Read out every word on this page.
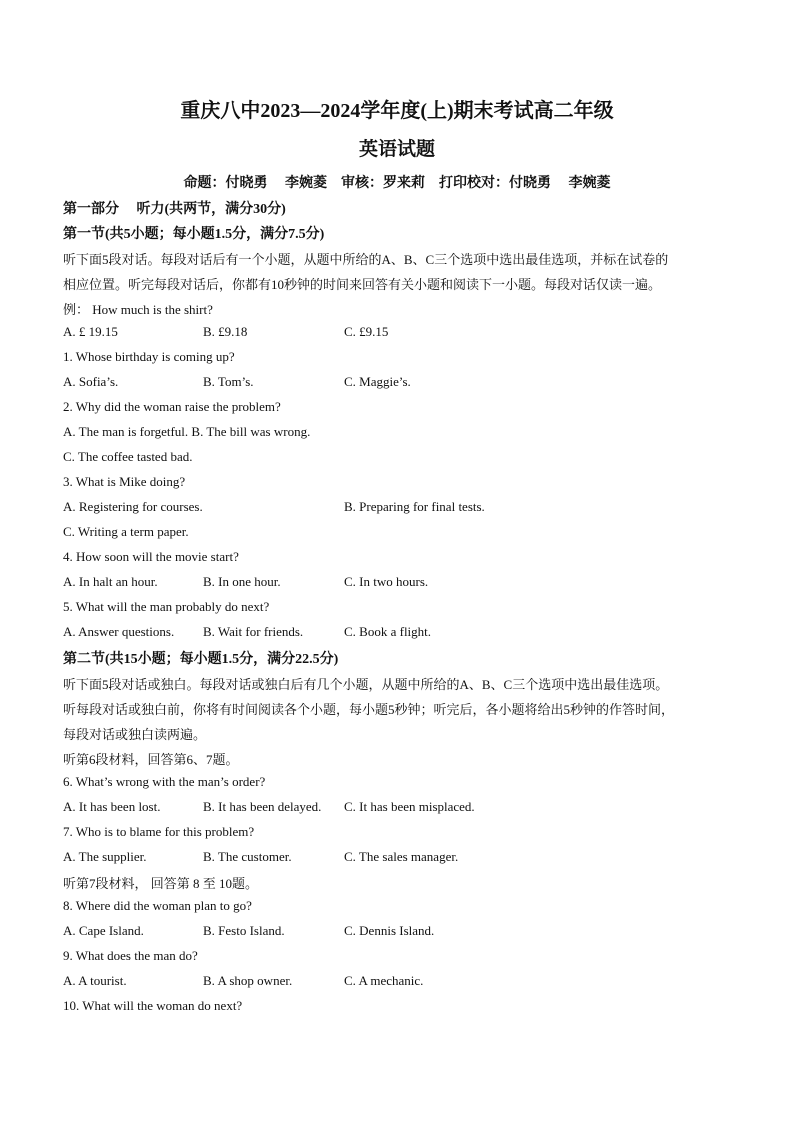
重庆八中2023—2024学年度(上)期末考试高二年级
英语试题
命题：付晓勇　 李婉菱　审核：罗来莉　打印校对：付晓勇　 李婉菱
第一部分　 听力(共两节，满分30分)
第一节(共5小题；每小题1.5分，满分7.5分)
听下面5段对话。每段对话后有一个小题，从题中所给的A、B、C三个选项中选出最佳选项，并标在试卷的
相应位置。听完每段对话后，你都有10秒钟的时间来回答有关小题和阅读下一小题。每段对话仅读一遍。
例： How much is the shirt?
A. £ 19.15	B. £9.18	C. £9.15
1. Whose birthday is coming up?
A. Sofia’s.	B. Tom’s.	C. Maggie’s.
2. Why did the woman raise the problem?
A. The man is forgetful. B. The bill was wrong.
C. The coffee tasted bad.
3. What is Mike doing?
A. Registering for courses.	B. Preparing for final tests.
C. Writing a term paper.
4. How soon will the movie start?
A. In halt an hour.	B. In one hour.	C. In two hours.
5. What will the man probably do next?
A. Answer questions. B. Wait for friends.	C. Book a flight.
第二节(共15小题；每小题1.5分，满分22.5分)
听下面5段对话或独白。每段对话或独白后有几个小题，从题中所给的A、B、C三个选项中选出最佳选项。
听每段对话或独白前，你将有时间阅读各个小题，每小题5秒钟；听完后，各小题将给出5秒钟的作答时间，
每段对话或独白读两遍。
听第6段材料，回答第6、7题。
6. What’s wrong with the man’s order?
A. It has been lost.	B. It has been delayed. C. It has been misplaced.
7. Who is to blame for this problem?
A. The supplier.	B. The customer.	C. The sales manager.
听第7段材料， 回答第 8 至 10题。
8. Where did the woman plan to go?
A. Cape Island.	B. Festo Island.	C. Dennis Island.
9. What does the man do?
A. A tourist.	B. A shop owner.	C. A mechanic.
10. What will the woman do next?
